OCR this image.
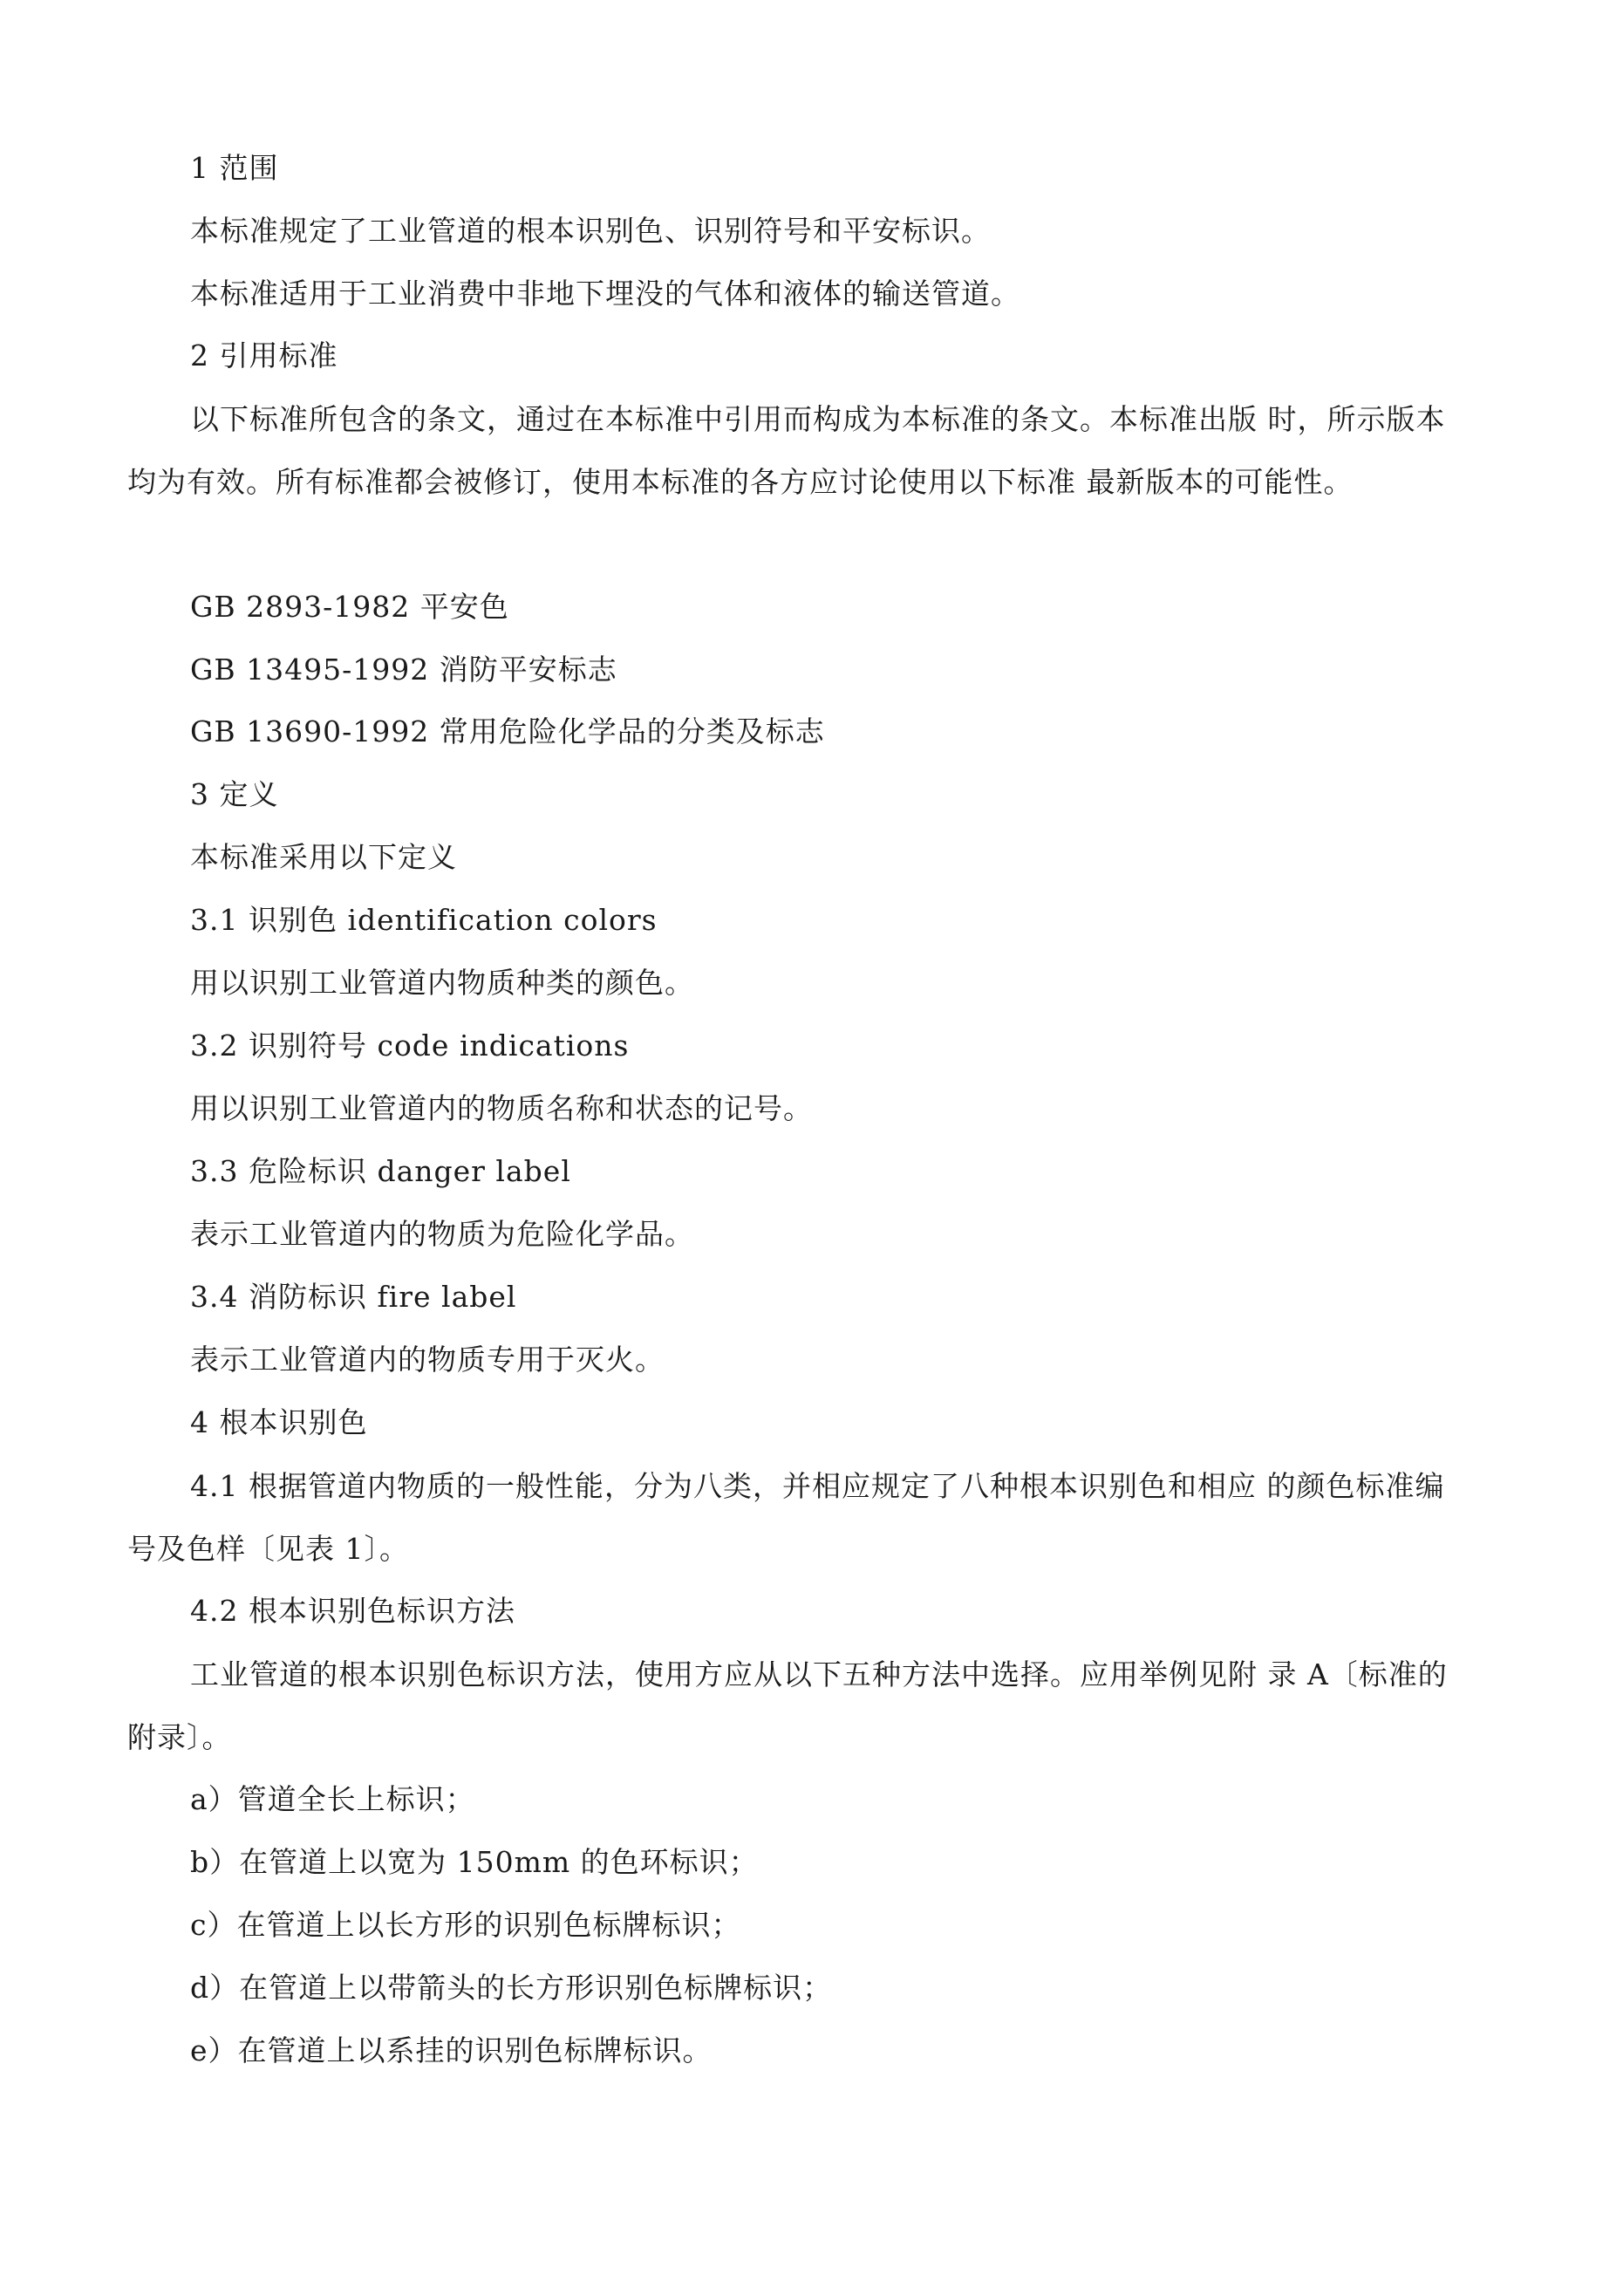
1 范围
本标准规定了工业管道的根本识别色、识别符号和平安标识。
本标准适用于工业消费中非地下埋没的气体和液体的输送管道。
2 引用标准
以下标准所包含的条文，通过在本标准中引用而构成为本标准的条文。本标准出版 时，所示版本均为有效。所有标准都会被修订，使用本标准的各方应讨论使用以下标准 最新版本的可能性。
GB 2893-1982 平安色
GB 13495-1992 消防平安标志
GB 13690-1992 常用危险化学品的分类及标志
3 定义
本标准采用以下定义
3.1 识别色 identification colors
用以识别工业管道内物质种类的颜色。
3.2 识别符号 code indications
用以识别工业管道内的物质名称和状态的记号。
3.3 危险标识 danger label
表示工业管道内的物质为危险化学品。
3.4 消防标识 fire label
表示工业管道内的物质专用于灭火。
4 根本识别色
4.1 根据管道内物质的一般性能，分为八类，并相应规定了八种根本识别色和相应 的颜色标准编号及色样〔见表 1〕。
4.2 根本识别色标识方法
工业管道的根本识别色标识方法，使用方应从以下五种方法中选择。应用举例见附 录 A〔标准的附录〕。
a）管道全长上标识；
b）在管道上以宽为 150mm 的色环标识；
c）在管道上以长方形的识别色标牌标识；
d）在管道上以带箭头的长方形识别色标牌标识；
e）在管道上以系挂的识别色标牌标识。
